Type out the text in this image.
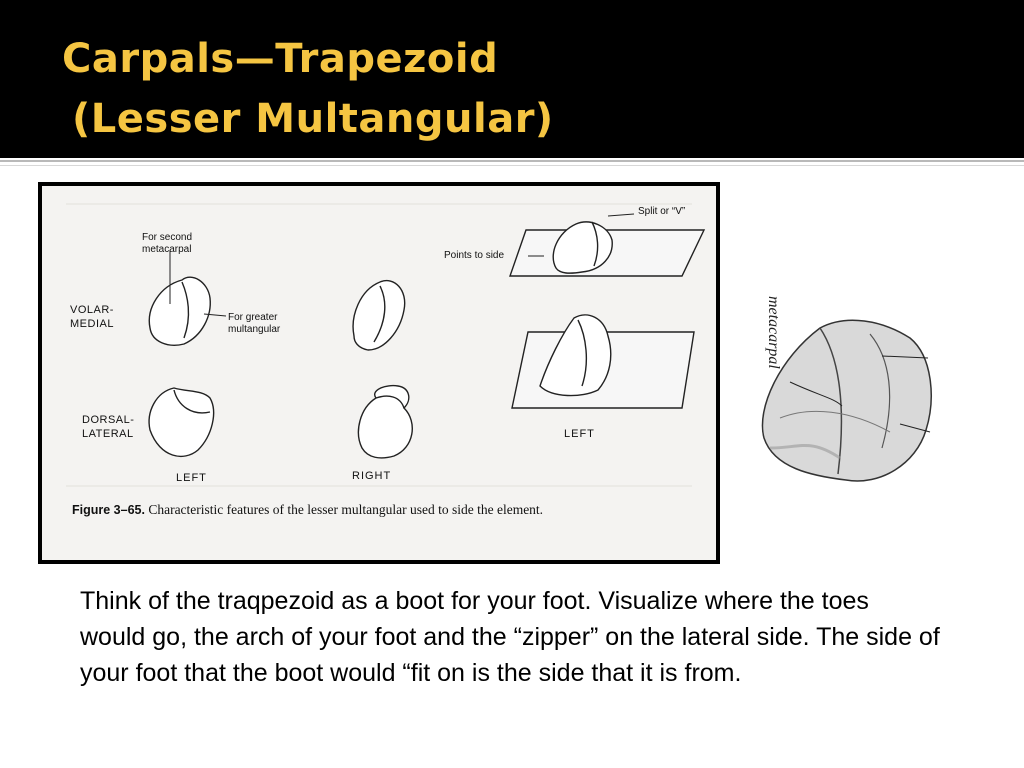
Carpals—Trapezoid
(Lesser Multangular)
For second
metacarpal
VOLAR-
MEDIAL
For greater
multangular
DORSAL-
LATERAL
LEFT	RIGHT
Points to side
Split or “V”
LEFT
Figure 3–65. Characteristic features of the lesser multangular used to side the element.
metacarpal
Think of the traqpezoid as a boot for your foot. Visualize where the toes would go, the arch of your foot and the “zipper” on the lateral side. The side of your foot that the boot would “fit on is the side that it is from.
